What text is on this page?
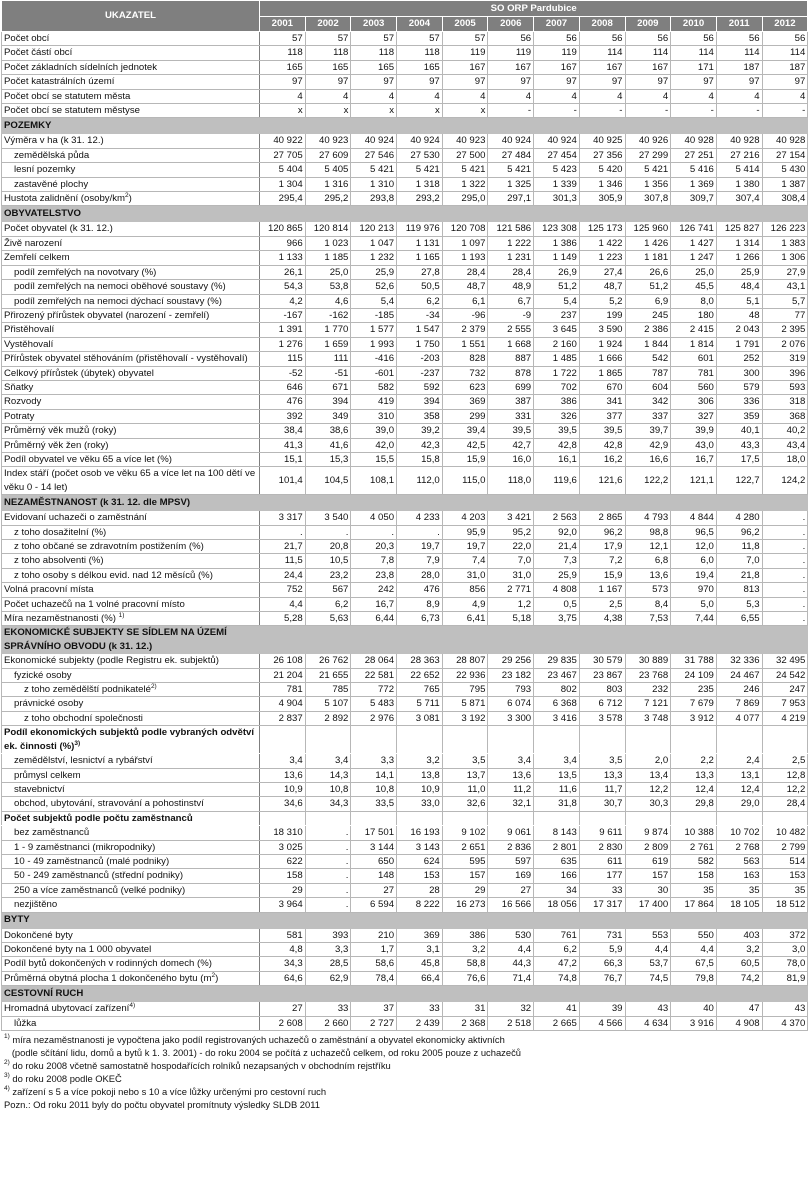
UKAZATEL	SO ORP Pardubice											
	2001	2002	2003	2004	2005	2006	2007	2008	2009	2010	2011	2012
Počet obcí	57	57	57	57	57	56	56	56	56	56	56	56
Počet částí obcí	118	118	118	118	119	119	119	114	114	114	114	114
Počet základních sídelních jednotek	165	165	165	165	167	167	167	167	167	171	187	187
Počet katastrálních území	97	97	97	97	97	97	97	97	97	97	97	97
Počet obcí se statutem města	4	4	4	4	4	4	4	4	4	4	4	4
Počet obcí se statutem městyse	x	x	x	x	x	-	-	-	-	-	-	-
POZEMKY												
Výměra v ha (k 31. 12.)	40 922	40 923	40 924	40 924	40 923	40 924	40 924	40 925	40 926	40 928	40 928	40 928
zemědělská půda	27 705	27 609	27 546	27 530	27 500	27 484	27 454	27 356	27 299	27 251	27 216	27 154
lesní pozemky	5 404	5 405	5 421	5 421	5 421	5 421	5 423	5 420	5 421	5 416	5 414	5 430
zastavěné plochy	1 304	1 316	1 310	1 318	1 322	1 325	1 339	1 346	1 356	1 369	1 380	1 387
Hustota zalidnění $(osoby/km^2)$	295,4	295,2	293,8	293,2	295,0	297,1	301,3	305,9	307,8	309,7	307,4	308,4
OBYVATELSTVO												
Počet obyvatel (k 31. 12.)	120 865	120 814	120 213	119 976	120 708	121 586	123 308	125 173	125 960	126 741	125 827	126 223
Živě narození	966	1 023	1 047	1 131	1 097	1 222	1 386	1 422	1 426	1 427	1 314	1 383
Zemřelí celkem	1 133	1 185	1 232	1 165	1 193	1 231	1 149	1 223	1 181	1 247	1 266	1 306
podíl zemřelých na novotvary (%)	26,1	25,0	25,9	27,8	28,4	28,4	26,9	27,4	26,6	25,0	25,9	27,9
podíl zemřelých na nemoci oběhové soustavy (%)	54,3	53,8	52,6	50,5	48,7	48,9	51,2	48,7	51,2	45,5	48,4	43,1
podíl zemřelých na nemoci dýchací soustavy (%)	4,2	4,6	5,4	6,2	6,1	6,7	5,4	5,2	6,9	8,0	5,1	5,7
Přirozený přírůstek obyvatel (narození - zemřelí)	-167	-162	-185	-34	-96	-9	237	199	245	180	48	77
Přistěhovalí	1 391	1 770	1 577	1 547	2 379	2 555	3 645	3 590	2 386	2 415	2 043	2 395
Vystěhovalí	1 276	1 659	1 993	1 750	1 551	1 668	2 160	1 924	1 844	1 814	1 791	2 076
Přírůstek obyvatel stěhováním (přistěhovalí - vystěhovalí)	115	111	-416	-203	828	887	1 485	1 666	542	601	252	319
Celkový přírůstek (úbytek) obyvatel	-52	-51	-601	-237	732	878	1 722	1 865	787	781	300	396
Sňatky	646	671	582	592	623	699	702	670	604	560	579	593
Rozvody	476	394	419	394	369	387	386	341	342	306	336	318
Potraty	392	349	310	358	299	331	326	377	337	327	359	368
Průměrný věk mužů (roky)	38,4	38,6	39,0	39,2	39,4	39,5	39,5	39,5	39,7	39,9	40,1	40,2
Průměrný věk žen (roky)	41,3	41,6	42,0	42,3	42,5	42,7	42,8	42,8	42,9	43,0	43,3	43,4
Podíl obyvatel ve věku 65 a více let (%)	15,1	15,3	15,5	15,8	15,9	16,0	16,1	16,2	16,6	16,7	17,5	18,0
Index stáří (počet osob ve věku 65 a více let na 100 dětí ve věku 0 - 14 let)	101,4	104,5	108,1	112,0	115,0	118,0	119,6	121,6	122,2	121,1	122,7	124,2
NEZAMĚSTNANOST (k 31. 12. dle MPSV)												
Evidovaní uchazeči o zaměstnání	3 317	3 540	4 050	4 233	4 203	3 421	2 563	2 865	4 793	4 844	4 280	.
z toho dosažitelní (%)	.	.	.	.	95,9	95,2	92,0	96,2	98,8	96,5	96,2	.
z toho občané se zdravotním postižením (%)	21,7	20,8	20,3	19,7	19,7	22,0	21,4	17,9	12,1	12,0	11,8	.
z toho absolventi (%)	11,5	10,5	7,8	7,9	7,4	7,0	7,3	7,2	6,8	6,0	7,0	.
z toho osoby s délkou evid. nad 12 měsíců (%)	24,4	23,2	23,8	28,0	31,0	31,0	25,9	15,9	13,6	19,4	21,8	.
Volná pracovní místa	752	567	242	476	856	2 771	4 808	1 167	573	970	813	.
Počet uchazečů na 1 volné pracovní místo	4,4	6,2	16,7	8,9	4,9	1,2	0,5	2,5	8,4	5,0	5,3	.
Míra nezaměstnanosti (%) $^{1)}$	5,28	5,63	6,44	6,73	6,41	5,18	3,75	4,38	7,53	7,44	6,55	.
EKONOMICKÉ SUBJEKTY SE SÍDLEM NA ÚZEMÍ SPRÁVNÍHO OBVODU (k 31. 12.)												
Ekonomické subjekty (podle Registru ek. subjektů)	26 108	26 762	28 064	28 363	28 807	29 256	29 835	30 579	30 889	31 788	32 336	32 495
fyzické osoby	21 204	21 655	22 581	22 652	22 936	23 182	23 467	23 867	23 768	24 109	24 467	24 542
z toho zemědělští podnikatelé$^{2)}$	781	785	772	765	795	793	802	803	232	235	246	247
právnické osoby	4 904	5 107	5 483	5 711	5 871	6 074	6 368	6 712	7 121	7 679	7 869	7 953
z toho obchodní společnosti	2 837	2 892	2 976	3 081	3 192	3 300	3 416	3 578	3 748	3 912	4 077	4 219
Podíl ekonomických subjektů podle vybraných odvětví ek. činnosti (%)$^{3)}$												
zemědělství, lesnictví a rybářství	3,4	3,4	3,3	3,2	3,5	3,4	3,4	3,5	2,0	2,2	2,4	2,5
průmysl celkem	13,6	14,3	14,1	13,8	13,7	13,6	13,5	13,3	13,4	13,3	13,1	12,8
stavebnictví	10,9	10,8	10,8	10,9	11,0	11,2	11,6	11,7	12,2	12,4	12,4	12,2
obchod, ubytování, stravování a pohostinství	34,6	34,3	33,5	33,0	32,6	32,1	31,8	30,7	30,3	29,8	29,0	28,4
Počet subjektů podle počtu zaměstnanců												
bez zaměstnanců	18 310	.	17 501	16 193	9 102	9 061	8 143	9 611	9 874	10 388	10 702	10 482
1 - 9 zaměstnanci (mikropodniky)	3 025	.	3 144	3 143	2 651	2 836	2 801	2 830	2 809	2 761	2 768	2 799
10 - 49 zaměstnanců (malé podniky)	622	.	650	624	595	597	635	611	619	582	563	514
50 - 249 zaměstnanců (střední podniky)	158	.	148	153	157	169	166	177	157	158	163	153
250 a více zaměstnanců (velké podniky)	29	.	27	28	29	27	34	33	30	35	35	35
nezjištěno	3 964	.	6 594	8 222	16 273	16 566	18 056	17 317	17 400	17 864	18 105	18 512
BYTY												
Dokončené byty	581	393	210	369	386	530	761	731	553	550	403	372
Dokončené byty na 1 000 obyvatel	4,8	3,3	1,7	3,1	3,2	4,4	6,2	5,9	4,4	4,4	3,2	3,0
Podíl bytů dokončených v rodinných domech (%)	34,3	28,5	58,6	45,8	58,8	44,3	47,2	66,3	53,7	67,5	60,5	78,0
Průměrná obytná plocha 1 dokončeného bytu $(m^2)$	64,6	62,9	78,4	66,4	76,6	71,4	74,8	76,7	74,5	79,8	74,2	81,9
CESTOVNÍ RUCH												
Hromadná ubytovací zařízení$^{4)}$	27	33	37	33	31	32	41	39	43	40	47	43
lůžka	2 608	2 660	2 727	2 439	2 368	2 518	2 665	4 566	4 634	3 916	4 908	4 370
$^{1)}$ míra nezaměstnanosti je vypočtena jako podíl registrovaných uchazečů o zaměstnání a obyvatel ekonomicky aktivních
(podle sčítání lidu, domů a bytů k 1. 3. 2001) - do roku 2004 se počítá z uchazečů celkem, od roku 2005 pouze z uchazečů
$^{2)}$ do roku 2008 včetně samostatně hospodařících rolníků nezapsaných v obchodním rejstříku
$^{3)}$ do roku 2008 podle OKEČ
$^{4)}$ zařízení s 5 a více pokoji nebo s 10 a více lůžky určenými pro cestovní ruch
Pozn.: Od roku 2011 byly do počtu obyvatel promítnuty výsledky SLDB 2011
